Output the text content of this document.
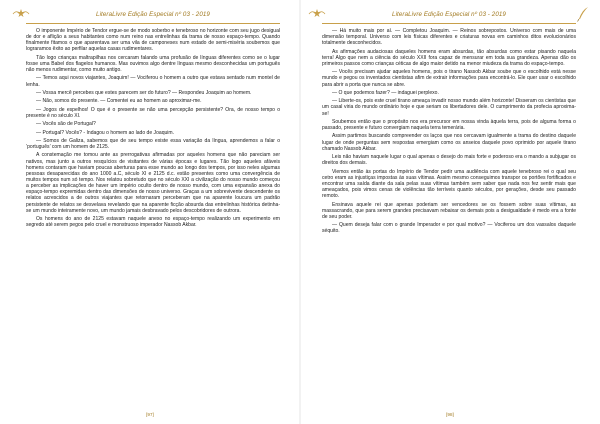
LiteraLivre Edição Especial nº 03 - 2019

O imponente Império de Tendor ergue-se de modo soberbo e tenebroso no horizonte com seu jugo desigual de dor e aflição a seus habitantes como num reino nas entrelinhas da trama de nosso espaço-tempo. Quando finalmente fitamos o que aparentava ser uma vila de camponeses num estado de semi-miséria soubemos que lograramos êxito ao perfilar aquelas casas rudimentares.

Tão logo crianças maltrapilhas nos cercaram falando uma profusão de línguas diferentes como se o lugar fosse uma Babel dos flagelos humanos. Mas ouvimos algo dentre línguas mesmo desconhecidas um português não menos rudimentar, como muito antigo.

— Temos aqui novos viajantes, Joaquim! — Vociferou o homem a outro que estava sentado num montel de lenha.

— Vossa mercê percebes que estes parecem ser do futuro? — Respondeu Joaquim ao homem.

— Não, somos do presente. — Comentei eu ao homem ao aproximar-me.

— Jogos de espelhos! O que é o presente se não uma percepção persistente? Ora, de nosso tempo o presente é no século XI.

— Vocês são de Portugal?

— Portugal? Vocês? - Indagou o homem ao lado de Joaquim.

— Somos de Galiza, sabemos que de seu tempo existe essa variação da língua, aprendemos a falar o ‘português’ com um homem de 2125.

A constemação me tomou ante as prerrogativas afirmadas por aqueles homens que não pareciam ser nativos, mas junto a outros resquícios de visitantes de várias épocas e lugares. Tão logo aqueles afáveis homens contaram que haviam poucas aberturas para esse mundo ao longo dos tempos, por isso neles algumas pessoas desaparecidas do ano 1000 a.C, século XI e 2125 d.c. estão presentes como uma convergência de muitos tempos num só tempo. Nos relatou sobretudo que no século XXI a civilização do nosso mundo começou a perceber as implicações de haver um império oculto dentro de nosso mundo, com uma expansão anexa do espaço-tempo expremidas dentro das dimensões de nosso universo. Graças a um sobrevivente descendente os relatos acrescidos a de outros viajantes que retornaram perceberam que na aparente loucura um padrão persistente de relatos se desvelava revelando que na aparente ficção absurda das entrelinhas histórica detinha-se um mundo inteiramente novo, um mundo jamais desbravado pelos descobridores de outrora.

Os homens do ano de 2125 estavam naquele anexo no espaço-tempo realizando um experimento em segredo até serem pegos pelo cruel e monstruoso imperador Nassob Akbar.

[97]
LiteraLivre Edição Especial nº 03 - 2019

— Há muito mais por aí. — Completou Joaquim. — Reinos sobrepostos. Universo com mais de uma dimensão temporal. Universo com leis físicas diferentes e criaturas novas em caminhos ditos evolucionários totalmente desconhecidos.

As afirmações audaciosas daqueles homens eram absurdas, tão absurdas como estar pisando naquela terra! Algo que nem a ciência do século XXII fora capaz de mensurar em toda sua grandeza. Apenas dão os primeiros passos como crianças céticas de algo maior detido na menor miudeza da trama do espaço-tempo.

— Vocês precisam ajudar aqueles homens, pois o tirano Nassob Akbar soube que o escolhido está nesse mundo e pegou os inventados cientistas afim de extrair informações para encontrá-lo. Ele quer usar o escolhido para abrir a porta que nunca se abre.

— O que podemos fazer? — indaguei perplexo.

— Liberte-os, pois este cruel tirano ameaça invadir nosso mundo além horizonte! Disseram os cientistas que um casal viria do mundo ordinário hoje e que seriam os libertadores dele. O cumprimento da profecia aproxima-se!

Soubemos então que o propósito nos era precursor em nossa vinda àquela terra, pois de alguma forma o passado, presente e futuro convergiam naquela terra temerária.

Assim partimos buscando compreender os laços que nos cercavam igualmente a trama do destino daquele lugar de onde perguntas sem respostas emergiam como os anseios daquele povo oprimido por aquele tirano chamado Nassob Akbar.

Leis não haviam naquele lugar o qual apenas o desejo do mais forte e poderoso era o mando a subjugar os direitos dos demais.

Viemos então às portas do Império de Tendor pedir uma audiência com aquele tenebroso rei o qual seu cetro eram as injustiças impostas às suas vítimas. Assim mesmo conseguimos transpor os portões fortificados e encontrar uma saída diante da sala pelas suas vítimas também sem saber que nada nos fez sentir mais que ameaçados, pois vimos cenas de violências tão terríveis quanto séculos, por gerações, desde seu passado remoto.

Ensinava aquele rei que apenas poderiam ser vencedores se os fossem sobre suas vítimas, as massacrando, que para serem grandes precisavam rebaixar os demais pois a desigualdade é medo era a fonte de seu poder.

— Quem deseja falar com o grande Imperador e por qual motivo? — Vociferou um dos vassalos daquele séquito.

[98]
